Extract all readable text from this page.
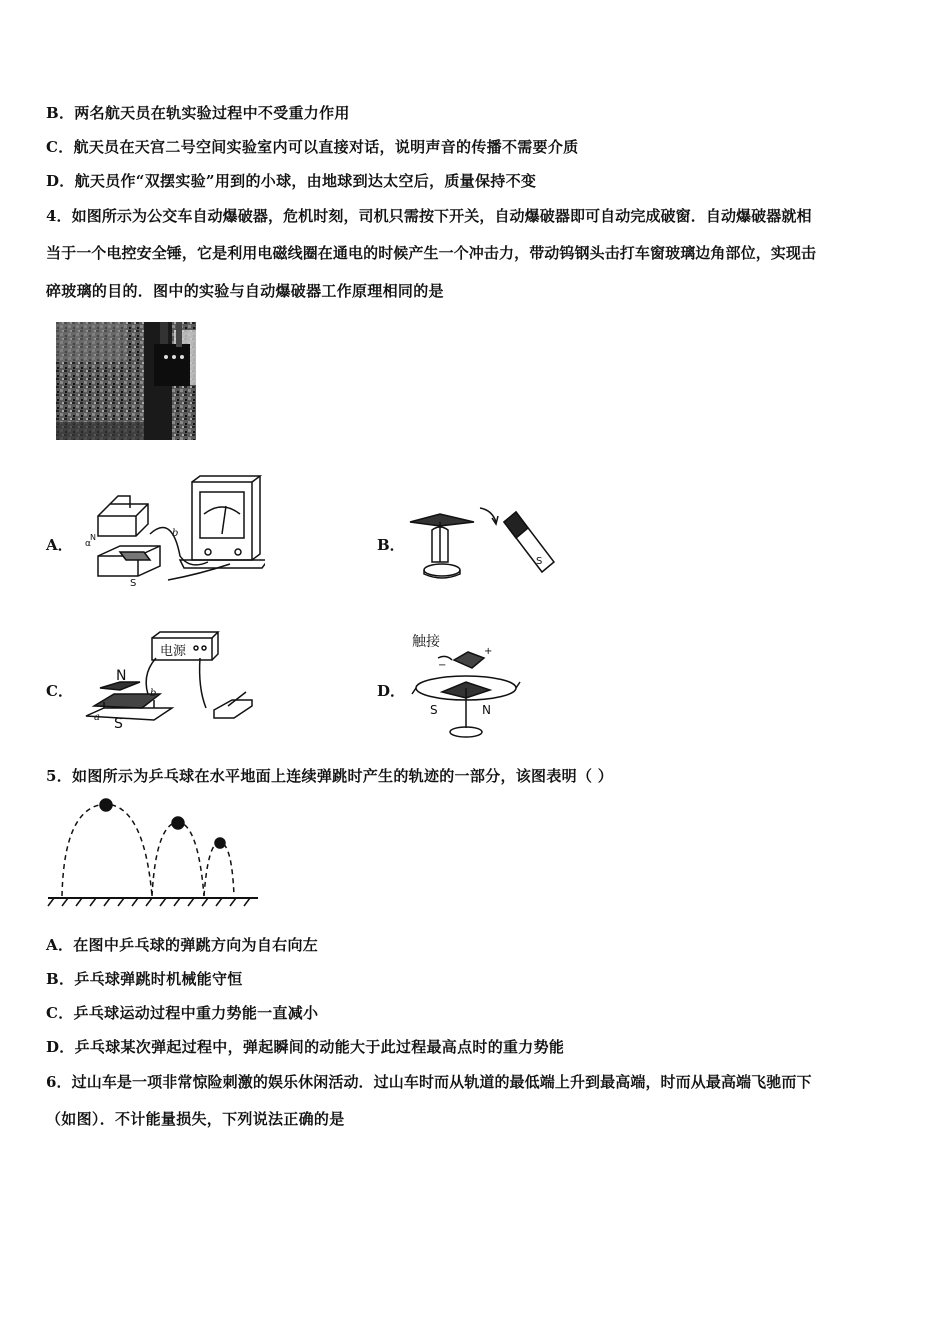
B．两名航天员在轨实验过程中不受重力作用
C．航天员在天宫二号空间实验室内可以直接对话，说明声音的传播不需要介质
D．航天员作“双摆实验”用到的小球，由地球到达太空后，质量保持不变
4．如图所示为公交车自动爆破器，危机时刻，司机只需按下开关，自动爆破器即可自动完成破窗．自动爆破器就相
当于一个电控安全锤，它是利用电磁线圈在通电的时候产生一个冲击力，带动钨钢头击打车窗玻璃边角部位，实现击
碎玻璃的目的．图中的实验与自动爆破器工作原理相同的是
A． α
b
N
S
B．
S
C．
电源
N
S
b
a
D．
触接
+
−
S	N
5．如图所示为乒乓球在水平地面上连续弹跳时产生的轨迹的一部分，该图表明（ ）
A．在图中乒乓球的弹跳方向为自右向左
B．乒乓球弹跳时机械能守恒
C．乒乓球运动过程中重力势能一直减小
D．乒乓球某次弹起过程中，弹起瞬间的动能大于此过程最高点时的重力势能
6．过山车是一项非常惊险刺激的娱乐休闲活动．过山车时而从轨道的最低端上升到最高端，时而从最高端飞驰而下
（如图）．不计能量损失，下列说法正确的是
